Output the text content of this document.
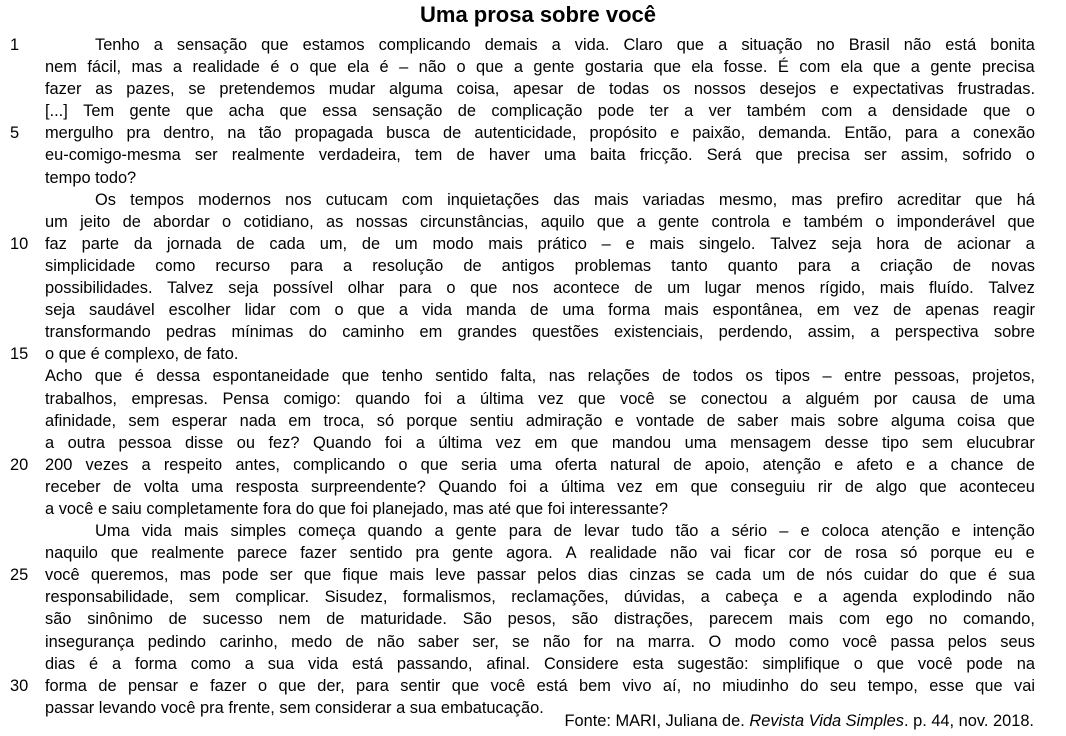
Uma prosa sobre você
1	Tenho a sensação que estamos complicando demais a vida. Claro que a situação no Brasil não está bonita
nem fácil, mas a realidade é o que ela é – não o que a gente gostaria que ela fosse. É com ela que a gente precisa
fazer as pazes, se pretendemos mudar alguma coisa, apesar de todas os nossos desejos e expectativas frustradas.
[...] Tem gente que acha que essa sensação de complicação pode ter a ver também com a densidade que o
5	mergulho pra dentro, na tão propagada busca de autenticidade, propósito e paixão, demanda. Então, para a conexão
eu-comigo-mesma ser realmente verdadeira, tem de haver uma baita fricção. Será que precisa ser assim, sofrido o
tempo todo?
Os tempos modernos nos cutucam com inquietações das mais variadas mesmo, mas prefiro acreditar que há
um jeito de abordar o cotidiano, as nossas circunstâncias, aquilo que a gente controla e também o imponderável que
10	faz parte da jornada de cada um, de um modo mais prático – e mais singelo. Talvez seja hora de acionar a
simplicidade como recurso para a resolução de antigos problemas tanto quanto para a criação de novas
possibilidades. Talvez seja possível olhar para o que nos acontece de um lugar menos rígido, mais fluído. Talvez
seja saudável escolher lidar com o que a vida manda de uma forma mais espontânea, em vez de apenas reagir
transformando pedras mínimas do caminho em grandes questões existenciais, perdendo, assim, a perspectiva sobre
15	o que é complexo, de fato.
Acho que é dessa espontaneidade que tenho sentido falta, nas relações de todos os tipos – entre pessoas, projetos,
trabalhos, empresas. Pensa comigo: quando foi a última vez que você se conectou a alguém por causa de uma
afinidade, sem esperar nada em troca, só porque sentiu admiração e vontade de saber mais sobre alguma coisa que
a outra pessoa disse ou fez? Quando foi a última vez em que mandou uma mensagem desse tipo sem elucubrar
20	200 vezes a respeito antes, complicando o que seria uma oferta natural de apoio, atenção e afeto e a chance de
receber de volta uma resposta surpreendente? Quando foi a última vez em que conseguiu rir de algo que aconteceu
a você e saiu completamente fora do que foi planejado, mas até que foi interessante?
Uma vida mais simples começa quando a gente para de levar tudo tão a sério – e coloca atenção e intenção
naquilo que realmente parece fazer sentido pra gente agora. A realidade não vai ficar cor de rosa só porque eu e
25	você queremos, mas pode ser que fique mais leve passar pelos dias cinzas se cada um de nós cuidar do que é sua
responsabilidade, sem complicar. Sisudez, formalismos, reclamações, dúvidas, a cabeça e a agenda explodindo não
são sinônimo de sucesso nem de maturidade. São pesos, são distrações, parecem mais com ego no comando,
insegurança pedindo carinho, medo de não saber ser, se não for na marra. O modo como você passa pelos seus
dias é a forma como a sua vida está passando, afinal. Considere esta sugestão: simplifique o que você pode na
30	forma de pensar e fazer o que der, para sentir que você está bem vivo aí, no miudinho do seu tempo, esse que vai
passar levando você pra frente, sem considerar a sua embatucação.
Fonte: MARI, Juliana de. Revista Vida Simples. p. 44, nov. 2018.
